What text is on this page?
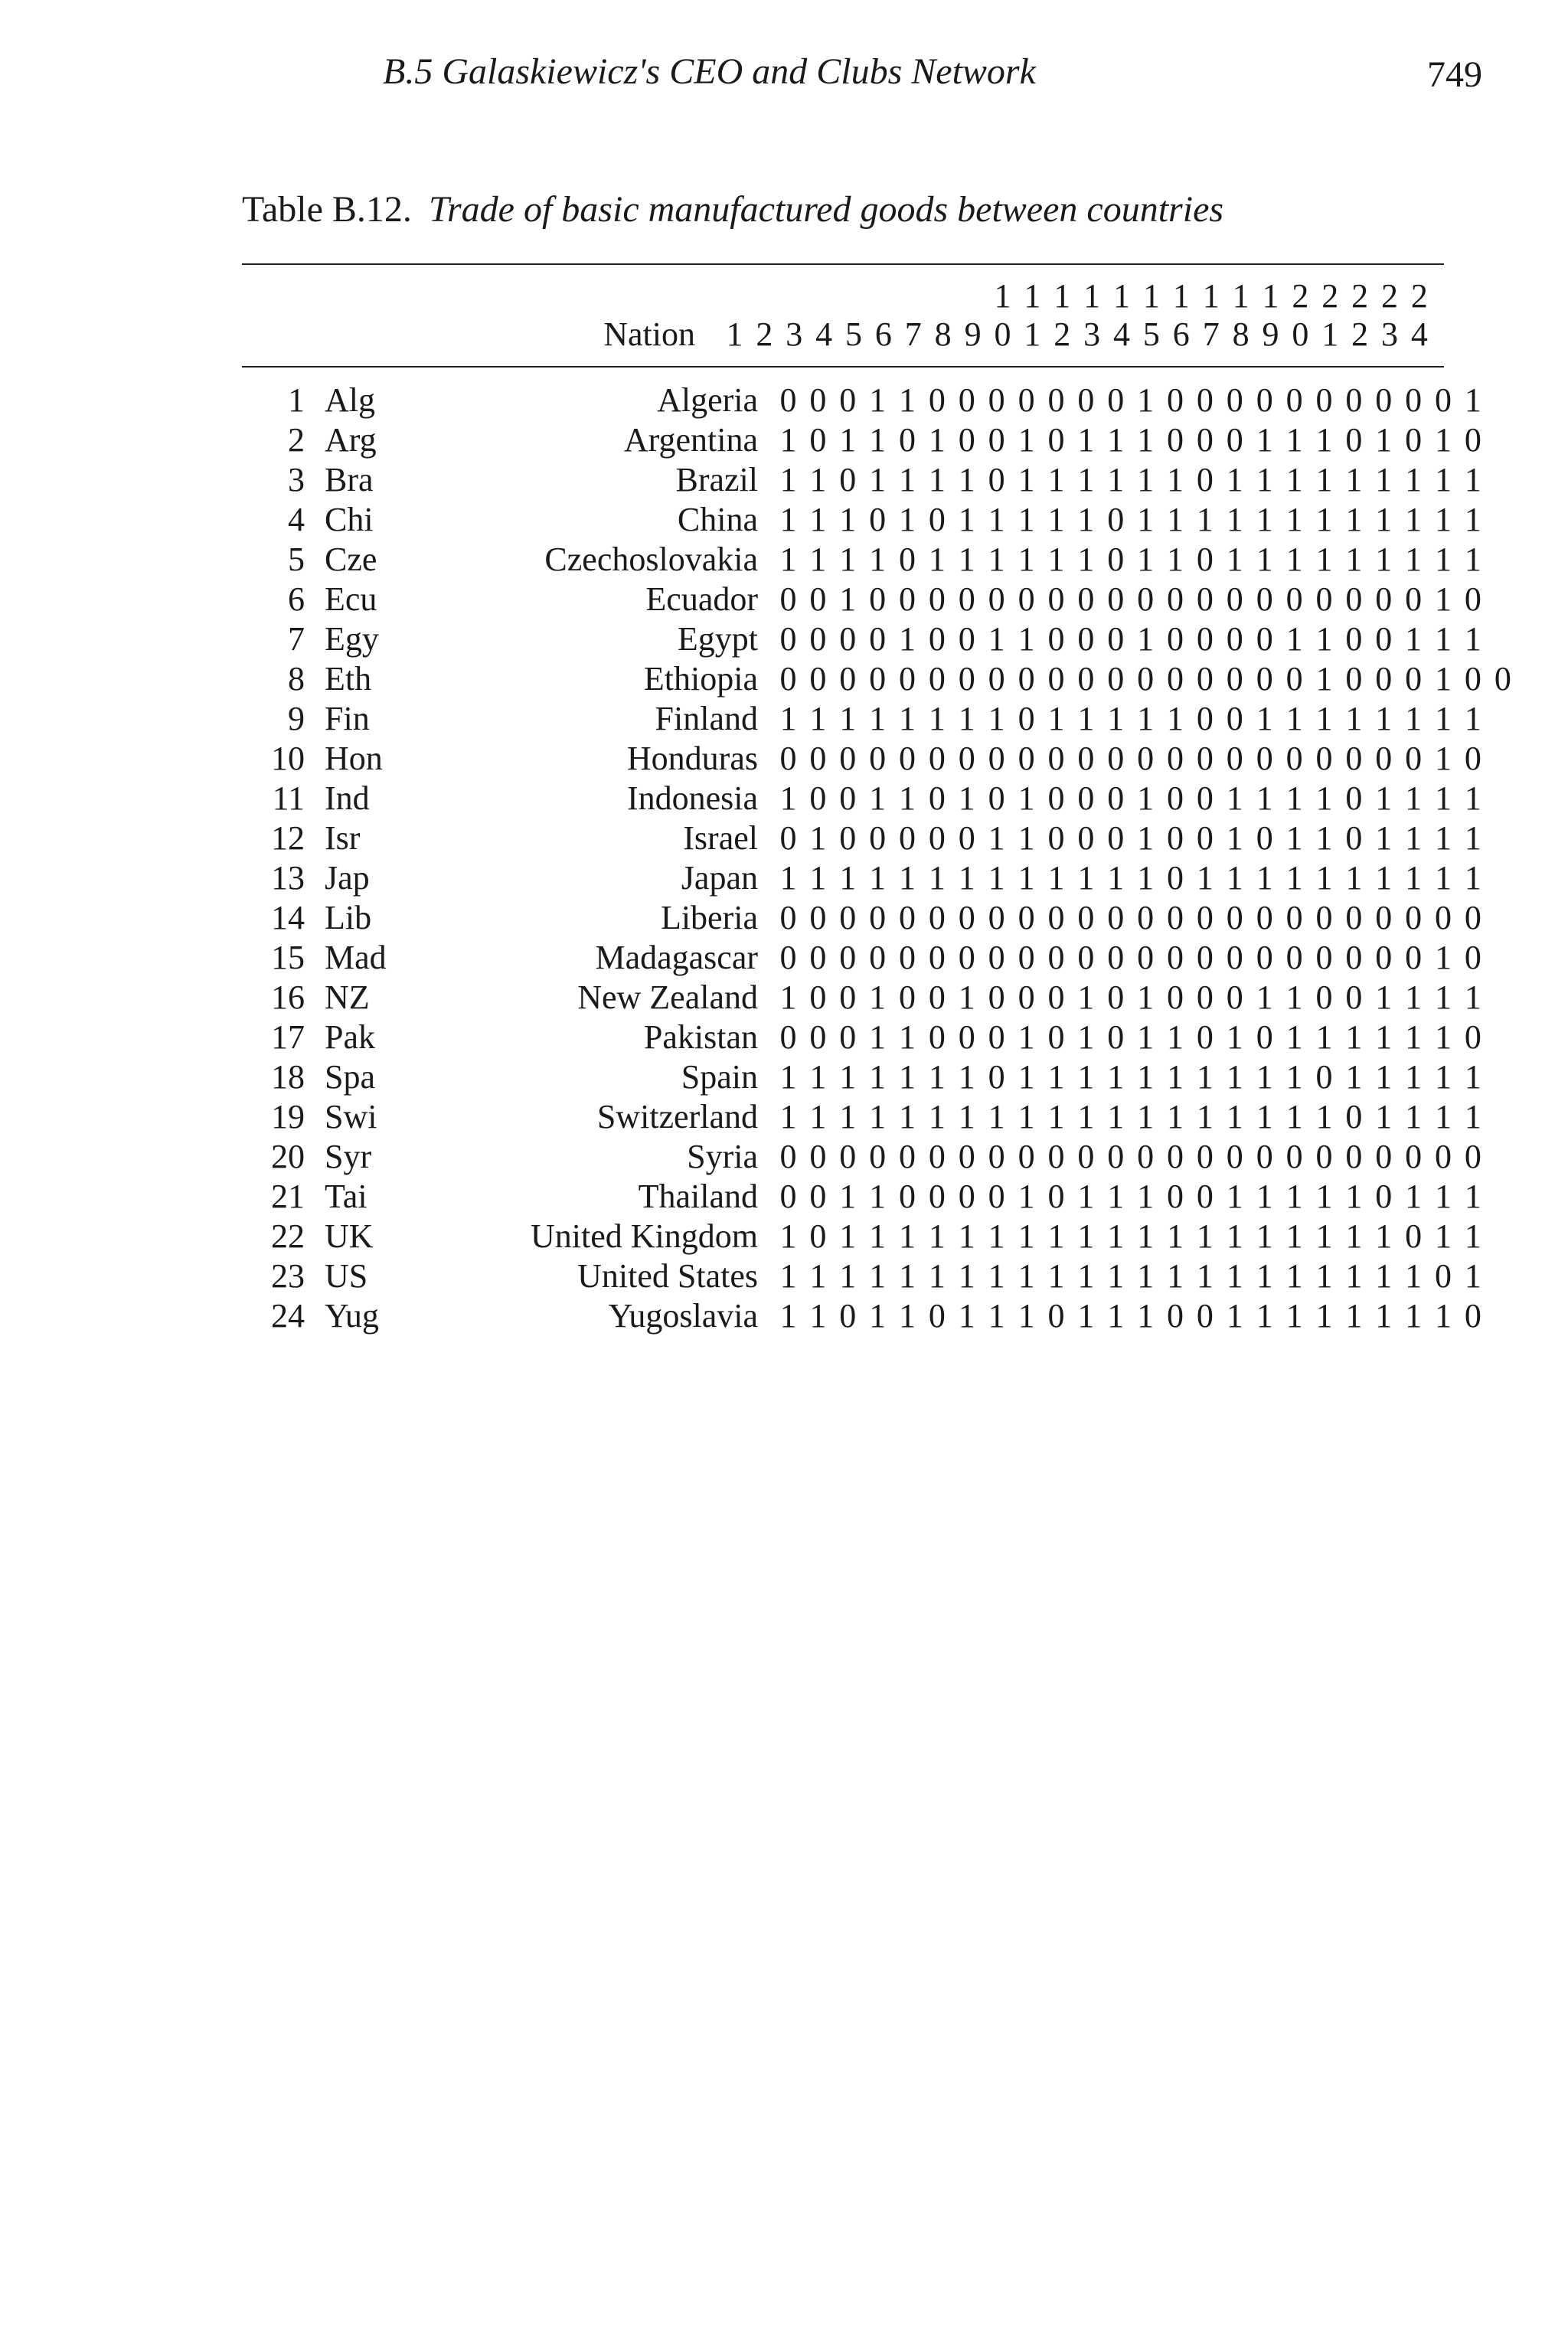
B.5 Galaskiewicz's CEO and Clubs Network	749
Table B.12. Trade of basic manufactured goods between countries
1 1 1 1 1 1 1 1 1 1 2 2 2 2 2
Nation 1 2 3 4 5 6 7 8 9 0 1 2 3 4 5 6 7 8 9 0 1 2 3 4
1 Alg	Algeria 0 0 0 1 1 0 0 0 0 0 0 0 1 0 0 0 0 0 0 0 0 0 0 1
2 Arg	Argentina 1 0 1 1 0 1 0 0 1 0 1 1 1 0 0 0 1 1 1 0 1 0 1 0
3 Bra	Brazil 1 1 0 1 1 1 1 0 1 1 1 1 1 1 0 1 1 1 1 1 1 1 1 1
4 Chi	China 1 1 1 0 1 0 1 1 1 1 1 0 1 1 1 1 1 1 1 1 1 1 1 1
5 Cze	Czechoslovakia 1 1 1 1 0 1 1 1 1 1 1 0 1 1 0 1 1 1 1 1 1 1 1 1
6 Ecu	Ecuador 0 0 1 0 0 0 0 0 0 0 0 0 0 0 0 0 0 0 0 0 0 0 1 0
7 Egy	Egypt 0 0 0 0 1 0 0 1 1 0 0 0 1 0 0 0 0 1 1 0 0 1 1 1
8 Eth	Ethiopia 0 0 0 0 0 0 0 0 0 0 0 0 0 0 0 0 0 0 1 0 0 0 1 0 0
9 Fin	Finland 1 1 1 1 1 1 1 1 0 1 1 1 1 1 0 0 1 1 1 1 1 1 1 1
10 Hon	Honduras 0 0 0 0 0 0 0 0 0 0 0 0 0 0 0 0 0 0 0 0 0 0 1 0
11 Ind	Indonesia 1 0 0 1 1 0 1 0 1 0 0 0 1 0 0 1 1 1 1 0 1 1 1 1
12 Isr	Israel 0 1 0 0 0 0 0 1 1 0 0 0 1 0 0 1 0 1 1 0 1 1 1 1
13 Jap	Japan 1 1 1 1 1 1 1 1 1 1 1 1 1 0 1 1 1 1 1 1 1 1 1 1
14 Lib	Liberia 0 0 0 0 0 0 0 0 0 0 0 0 0 0 0 0 0 0 0 0 0 0 0 0
15 Mad	Madagascar 0 0 0 0 0 0 0 0 0 0 0 0 0 0 0 0 0 0 0 0 0 0 1 0
16 NZ	New Zealand 1 0 0 1 0 0 1 0 0 0 1 0 1 0 0 0 1 1 0 0 1 1 1 1
17 Pak	Pakistan 0 0 0 1 1 0 0 0 1 0 1 0 1 1 0 1 0 1 1 1 1 1 1 0
18 Spa	Spain 1 1 1 1 1 1 1 0 1 1 1 1 1 1 1 1 1 1 0 1 1 1 1 1
19 Swi	Switzerland 1 1 1 1 1 1 1 1 1 1 1 1 1 1 1 1 1 1 1 0 1 1 1 1
20 Syr	Syria 0 0 0 0 0 0 0 0 0 0 0 0 0 0 0 0 0 0 0 0 0 0 0 0
21 Tai	Thailand 0 0 1 1 0 0 0 0 1 0 1 1 1 0 0 1 1 1 1 1 0 1 1 1
22 UK	United Kingdom 1 0 1 1 1 1 1 1 1 1 1 1 1 1 1 1 1 1 1 1 1 0 1 1
23 US	United States 1 1 1 1 1 1 1 1 1 1 1 1 1 1 1 1 1 1 1 1 1 1 0 1
24 Yug	Yugoslavia 1 1 0 1 1 0 1 1 1 0 1 1 1 0 0 1 1 1 1 1 1 1 1 0
